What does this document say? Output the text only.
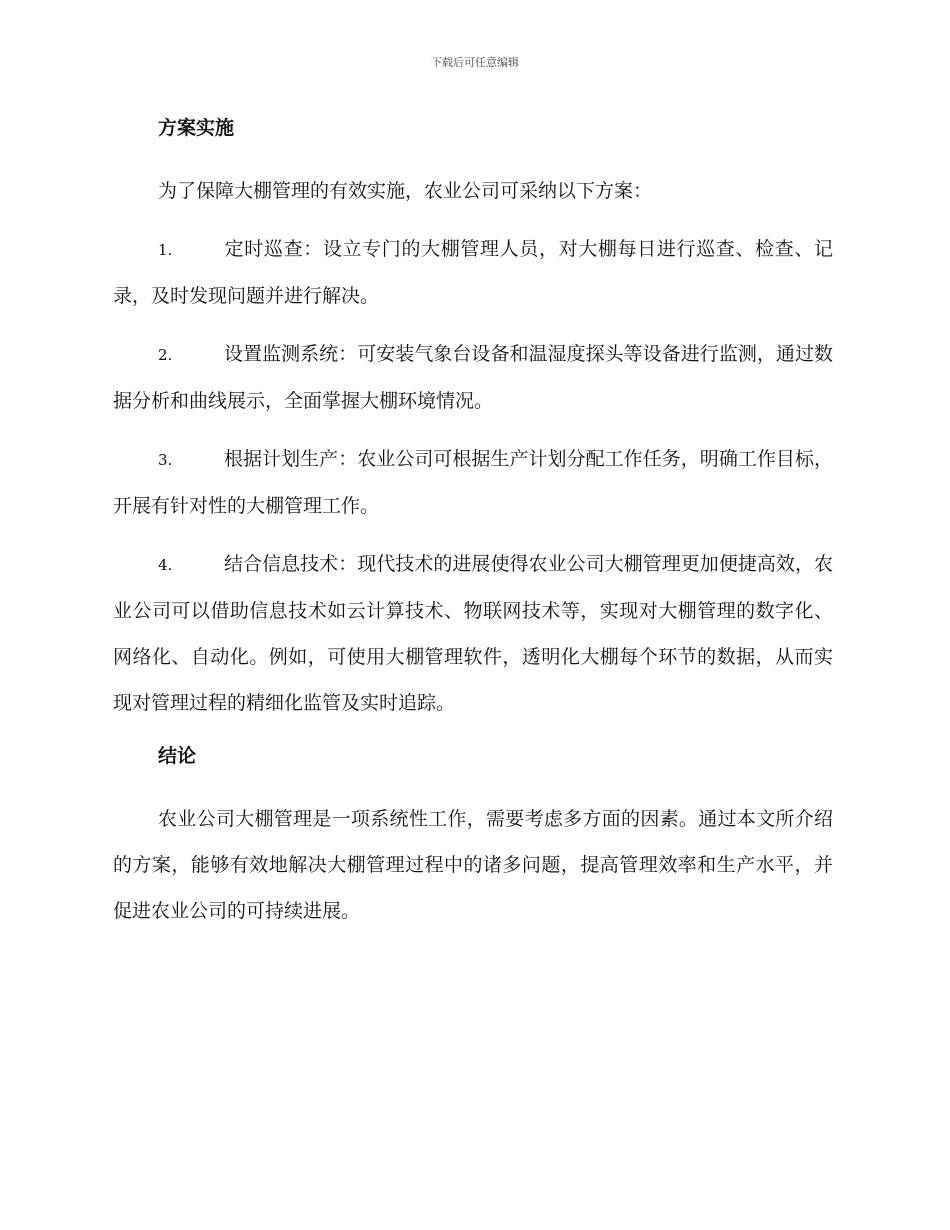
下载后可任意编辑
方案实施

为了保障大棚管理的有效实施，农业公司可采纳以下方案：

1.	定时巡查：设立专门的大棚管理人员，对大棚每日进行巡查、检查、记录，及时发现问题并进行解决。
2.	设置监测系统：可安装气象台设备和温湿度探头等设备进行监测，通过数据分析和曲线展示，全面掌握大棚环境情况。
3.	根据计划生产：农业公司可根据生产计划分配工作任务，明确工作目标，开展有针对性的大棚管理工作。
4.	结合信息技术：现代技术的进展使得农业公司大棚管理更加便捷高效，农业公司可以借助信息技术如云计算技术、物联网技术等，实现对大棚管理的数字化、网络化、自动化。例如，可使用大棚管理软件，透明化大棚每个环节的数据，从而实现对管理过程的精细化监管及实时追踪。
结论

农业公司大棚管理是一项系统性工作，需要考虑多方面的因素。通过本文所介绍的方案，能够有效地解决大棚管理过程中的诸多问题，提高管理效率和生产水平，并促进农业公司的可持续进展。
